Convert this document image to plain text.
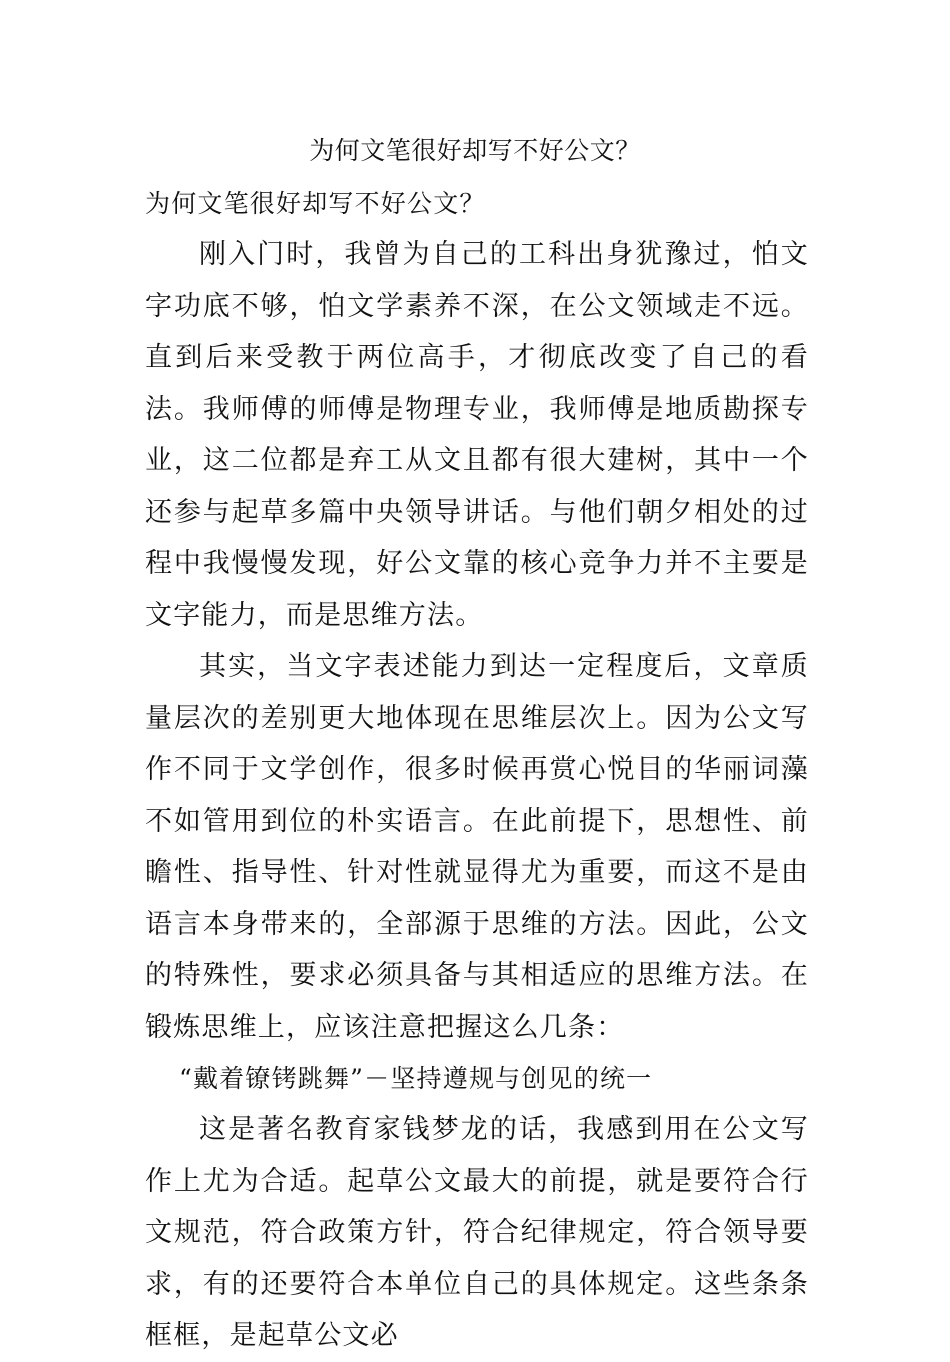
为何文笔很好却写不好公文？

为何文笔很好却写不好公文？

刚入门时，我曾为自己的工科出身犹豫过，怕文字功底不够，怕文学素养不深，在公文领域走不远。直到后来受教于两位高手，才彻底改变了自己的看法。我师傅的师傅是物理专业，我师傅是地质勘探专业，这二位都是弃工从文且都有很大建树，其中一个还参与起草多篇中央领导讲话。与他们朝夕相处的过程中我慢慢发现，好公文靠的核心竞争力并不主要是文字能力，而是思维方法。

其实，当文字表述能力到达一定程度后，文章质量层次的差别更大地体现在思维层次上。因为公文写作不同于文学创作，很多时候再赏心悦目的华丽词藻不如管用到位的朴实语言。在此前提下，思想性、前瞻性、指导性、针对性就显得尤为重要，而这不是由语言本身带来的，全部源于思维的方法。因此，公文的特殊性，要求必须具备与其相适应的思维方法。在锻炼思维上，应该注意把握这么几条：

“戴着镣铐跳舞”－坚持遵规与创见的统一

这是著名教育家钱梦龙的话，我感到用在公文写作上尤为合适。起草公文最大的前提，就是要符合行文规范，符合政策方针，符合纪律规定，符合领导要求，有的还要符合本单位自己的具体规定。这些条条框框，是起草公文必
